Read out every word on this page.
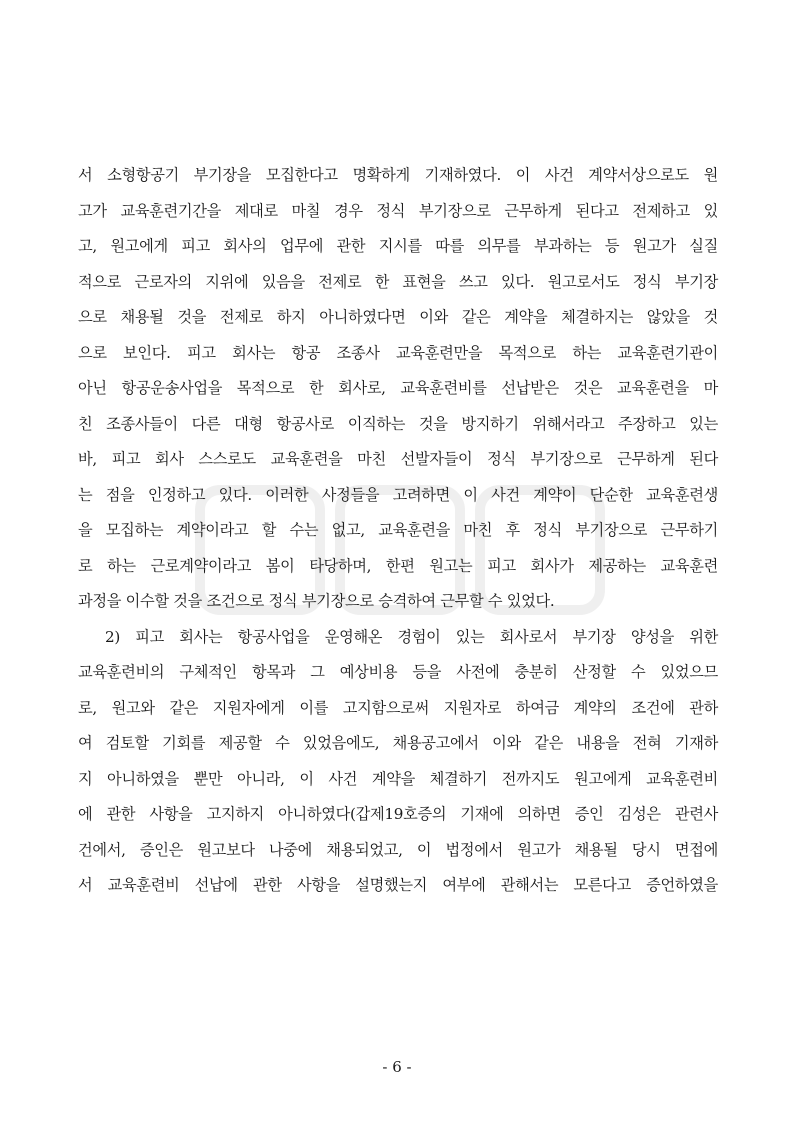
서 소형항공기 부기장을 모집한다고 명확하게 기재하였다. 이 사건 계약서상으로도 원
고가 교육훈련기간을 제대로 마칠 경우 정식 부기장으로 근무하게 된다고 전제하고 있
고, 원고에게 피고 회사의 업무에 관한 지시를 따를 의무를 부과하는 등 원고가 실질
적으로 근로자의 지위에 있음을 전제로 한 표현을 쓰고 있다. 원고로서도 정식 부기장
으로 채용될 것을 전제로 하지 아니하였다면 이와 같은 계약을 체결하지는 않았을 것
으로 보인다. 피고 회사는 항공 조종사 교육훈련만을 목적으로 하는 교육훈련기관이
아닌 항공운송사업을 목적으로 한 회사로, 교육훈련비를 선납받은 것은 교육훈련을 마
친 조종사들이 다른 대형 항공사로 이직하는 것을 방지하기 위해서라고 주장하고 있는
바, 피고 회사 스스로도 교육훈련을 마친 선발자들이 정식 부기장으로 근무하게 된다
는 점을 인정하고 있다. 이러한 사정들을 고려하면 이 사건 계약이 단순한 교육훈련생
을 모집하는 계약이라고 할 수는 없고, 교육훈련을 마친 후 정식 부기장으로 근무하기
로 하는 근로계약이라고 봄이 타당하며, 한편 원고는 피고 회사가 제공하는 교육훈련
과정을 이수할 것을 조건으로 정식 부기장으로 승격하여 근무할 수 있었다.
2) 피고 회사는 항공사업을 운영해온 경험이 있는 회사로서 부기장 양성을 위한
교육훈련비의 구체적인 항목과 그 예상비용 등을 사전에 충분히 산정할 수 있었으므
로, 원고와 같은 지원자에게 이를 고지함으로써 지원자로 하여금 계약의 조건에 관하
여 검토할 기회를 제공할 수 있었음에도, 채용공고에서 이와 같은 내용을 전혀 기재하
지 아니하였을 뿐만 아니라, 이 사건 계약을 체결하기 전까지도 원고에게 교육훈련비
에 관한 사항을 고지하지 아니하였다(갑제19호증의 기재에 의하면 증인 김성은 관련사
건에서, 증인은 원고보다 나중에 채용되었고, 이 법정에서 원고가 채용될 당시 면접에
서 교육훈련비 선납에 관한 사항을 설명했는지 여부에 관해서는 모른다고 증언하였을
- 6 -
